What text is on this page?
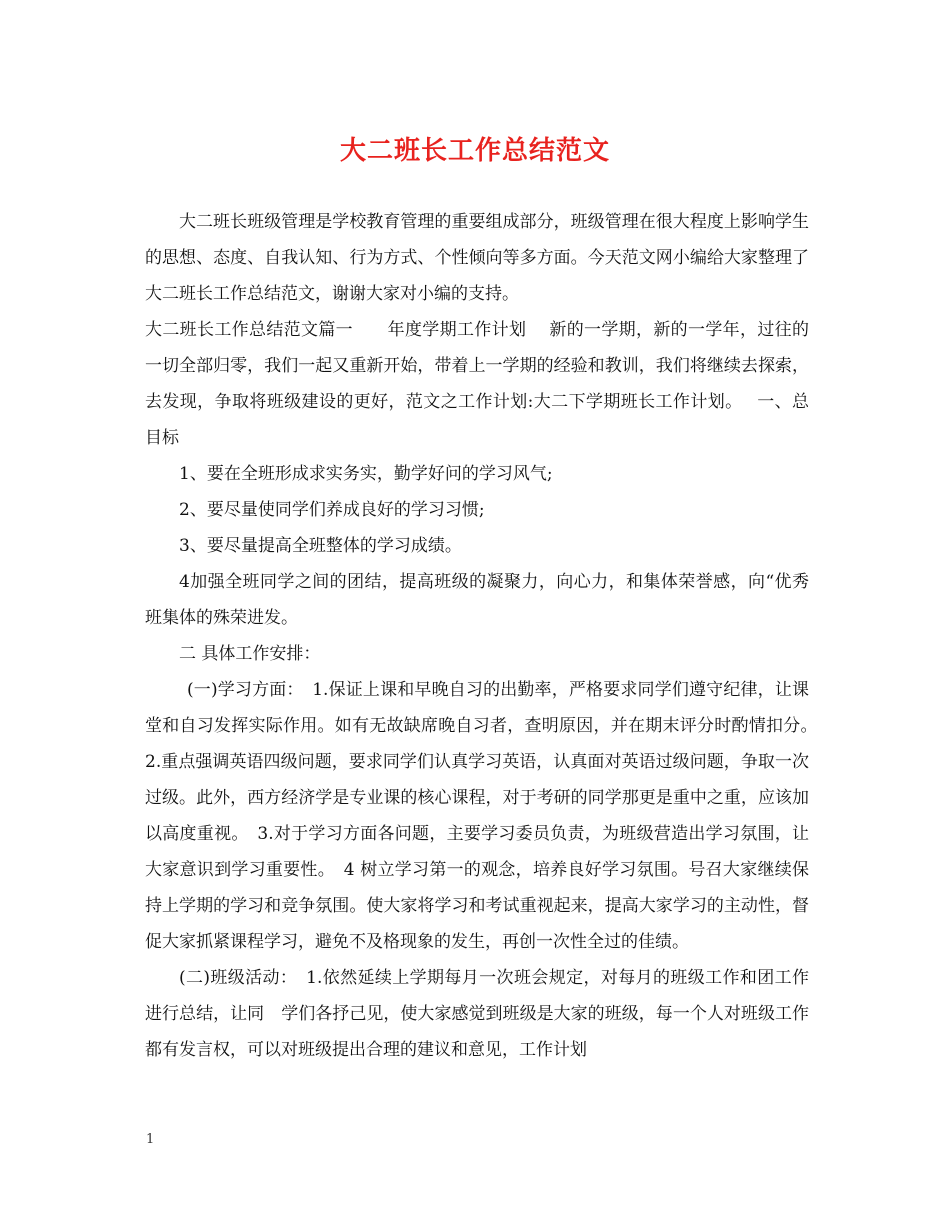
大二班长工作总结范文

大二班长班级管理是学校教育管理的重要组成部分，班级管理在很大程度上影响学生的思想、态度、自我认知、行为方式、个性倾向等多方面。今天范文网小编给大家整理了大二班长工作总结范文，谢谢大家对小编的支持。

大二班长工作总结范文篇一　　年度学期工作计划　 新的一学期，新的一学年，过往的一切全部归零，我们一起又重新开始，带着上一学期的经验和教训，我们将继续去探索，去发现，争取将班级建设的更好，范文之工作计划:大二下学期班长工作计划。　 一、总目标

1、要在全班形成求实务实，勤学好问的学习风气;

2、要尽量使同学们养成良好的学习习惯;

3、要尽量提高全班整体的学习成绩。

4加强全班同学之间的团结，提高班级的凝聚力，向心力，和集体荣誉感，向“优秀班集体的殊荣进发。

二 具体工作安排：

(一)学习方面：　1.保证上课和早晚自习的出勤率，严格要求同学们遵守纪律，让课堂和自习发挥实际作用。如有无故缺席晚自习者，查明原因，并在期末评分时酌情扣分。　2.重点强调英语四级问题，要求同学们认真学习英语，认真面对英语过级问题，争取一次过级。此外，西方经济学是专业课的核心课程，对于考研的同学那更是重中之重，应该加以高度重视。　3.对于学习方面各问题，主要学习委员负责，为班级营造出学习氛围，让大家意识到学习重要性。　4 树立学习第一的观念，培养良好学习氛围。号召大家继续保持上学期的学习和竞争氛围。使大家将学习和考试重视起来，提高大家学习的主动性，督促大家抓紧课程学习，避免不及格现象的发生，再创一次性全过的佳绩。

(二)班级活动：　1.依然延续上学期每月一次班会规定，对每月的班级工作和团工作进行总结，让同　学们各抒己见，使大家感觉到班级是大家的班级，每一个人对班级工作都有发言权，可以对班级提出合理的建议和意见，工作计划

1
